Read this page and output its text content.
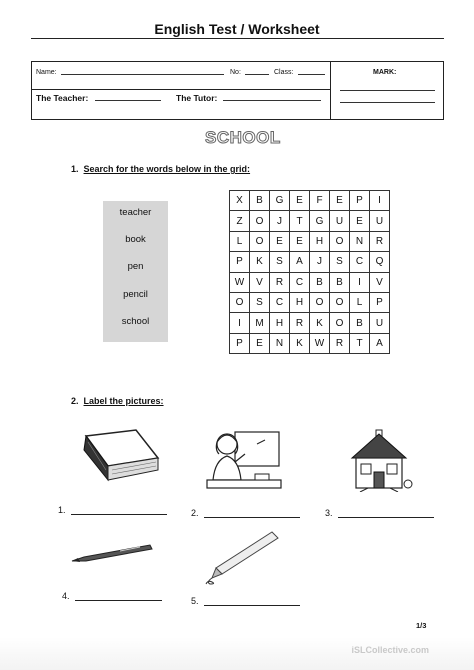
English Test / Worksheet
Name:	No:	Class:
The Teacher:	The Tutor:
MARK:
SCHOOL
1. Search for the words below in the grid:
teacher
book
pen
pencil
school
X	B	G	E	F	E	P	I
Z	O	J	T	G	U	E	U
L	O	E	E	H	O	N	R
P	K	S	A	J	S	C	Q
W	V	R	C	B	B	I	V
O	S	C	H	O	O	L	P
I	M	H	R	K	O	B	U
P	E	N	K	W	R	T	A
2. Label the pictures:
1.	2.	3.
4.	5.
1/3
iSLCollective.com
